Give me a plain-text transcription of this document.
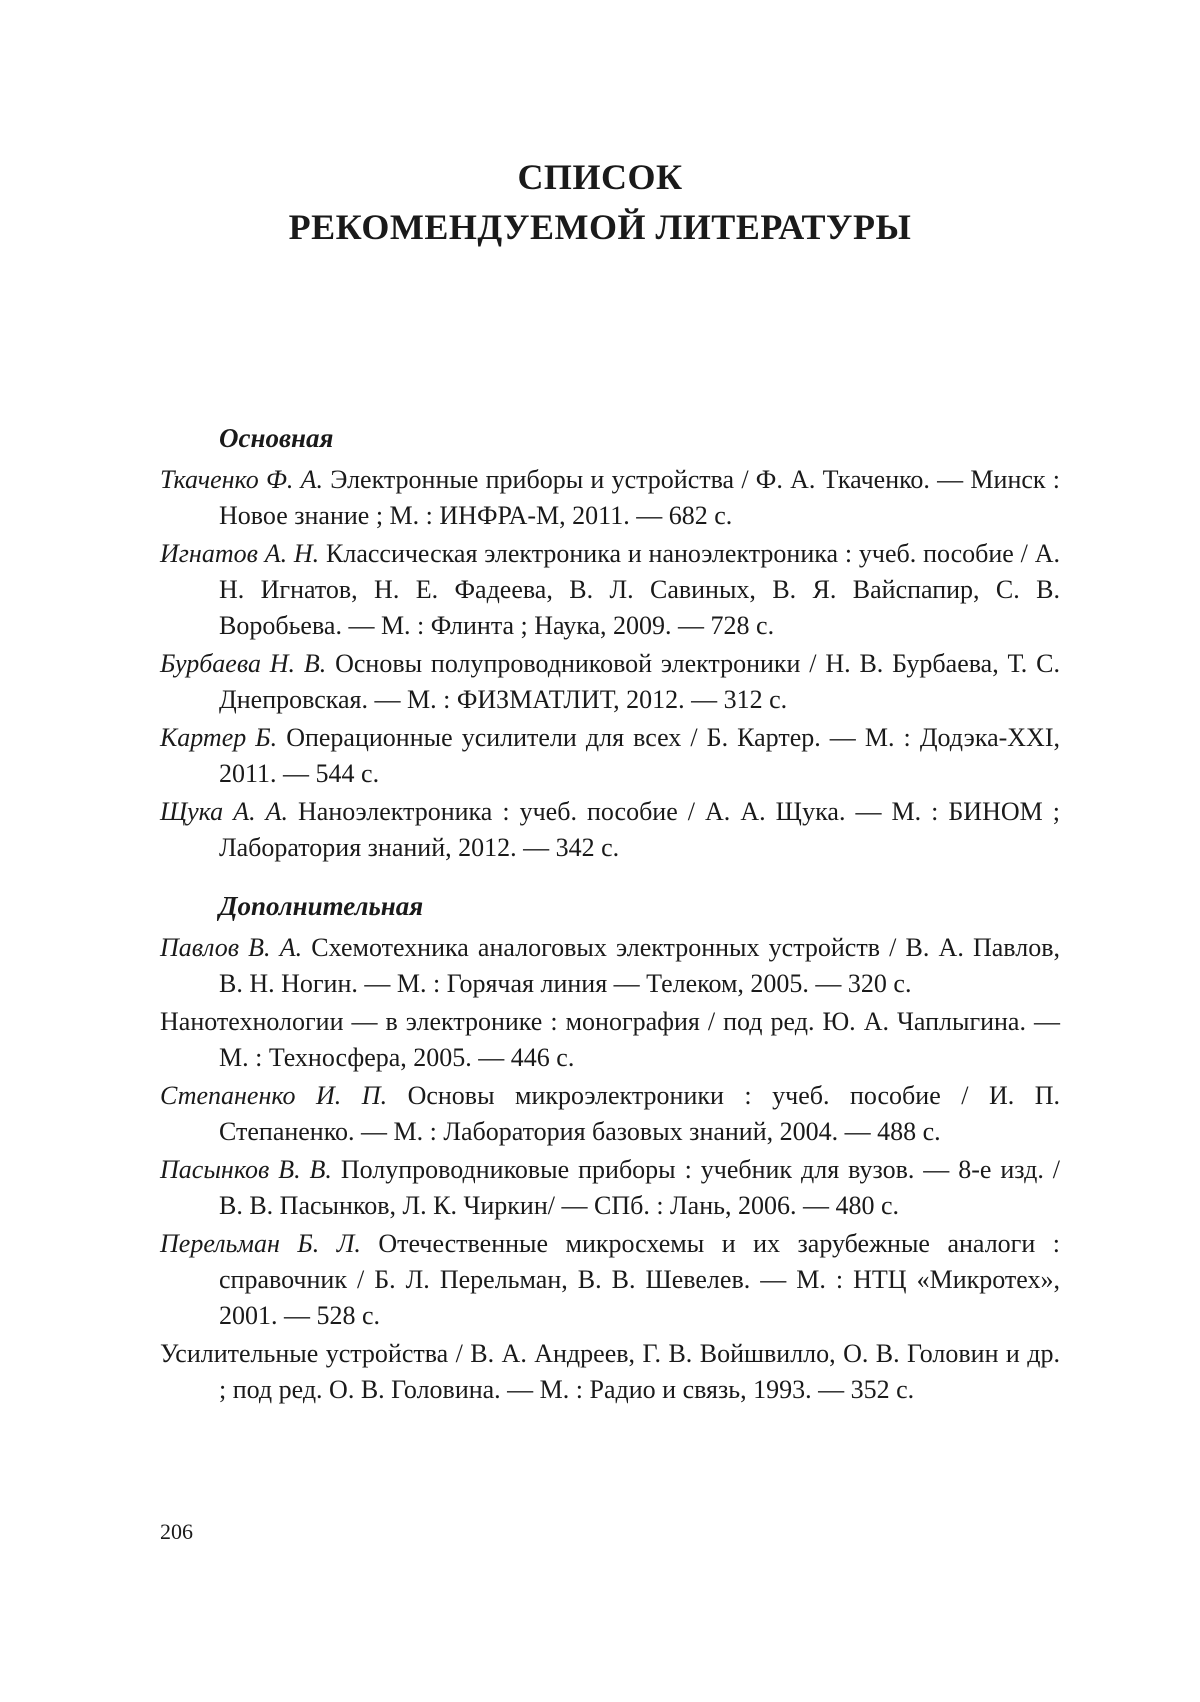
СПИСОК
РЕКОМЕНДУЕМОЙ ЛИТЕРАТУРЫ
Основная

Ткаченко Ф. А. Электронные приборы и устройства / Ф. А. Ткаченко. — Минск : Новое знание ; М. : ИНФРА-М, 2011. — 682 с.

Игнатов А. Н. Классическая электроника и наноэлектроника : учеб. пособие / А. Н. Игнатов, Н. Е. Фадеева, В. Л. Савиных, В. Я. Вайспапир, С. В. Воробьева. — М. : Флинта ; Наука, 2009. — 728 с.

Бурбаева Н. В. Основы полупроводниковой электроники / Н. В. Бурбаева, Т. С. Днепровская. — М. : ФИЗМАТЛИТ, 2012. — 312 с.

Картер Б. Операционные усилители для всех / Б. Картер. — М. : Додэка-XXI, 2011. — 544 с.

Щука А. А. Наноэлектроника : учеб. пособие / А. А. Щука. — М. : БИНОМ ; Лаборатория знаний, 2012. — 342 с.

Дополнительная

Павлов В. А. Схемотехника аналоговых электронных устройств / В. А. Павлов, В. Н. Ногин. — М. : Горячая линия — Телеком, 2005. — 320 с.

Нанотехнологии — в электронике : монография / под ред. Ю. А. Чаплыгина. — М. : Техносфера, 2005. — 446 с.

Степаненко И. П. Основы микроэлектроники : учеб. пособие / И. П. Степаненко. — М. : Лаборатория базовых знаний, 2004. — 488 с.

Пасынков В. В. Полупроводниковые приборы : учебник для вузов. — 8-е изд. / В. В. Пасынков, Л. К. Чиркин/ — СПб. : Лань, 2006. — 480 с.

Перельман Б. Л. Отечественные микросхемы и их зарубежные аналоги : справочник / Б. Л. Перельман, В. В. Шевелев. — М. : НТЦ «Микротех», 2001. — 528 с.

Усилительные устройства / В. А. Андреев, Г. В. Войшвилло, О. В. Головин и др. ; под ред. О. В. Головина. — М. : Радио и связь, 1993. — 352 с.

206
